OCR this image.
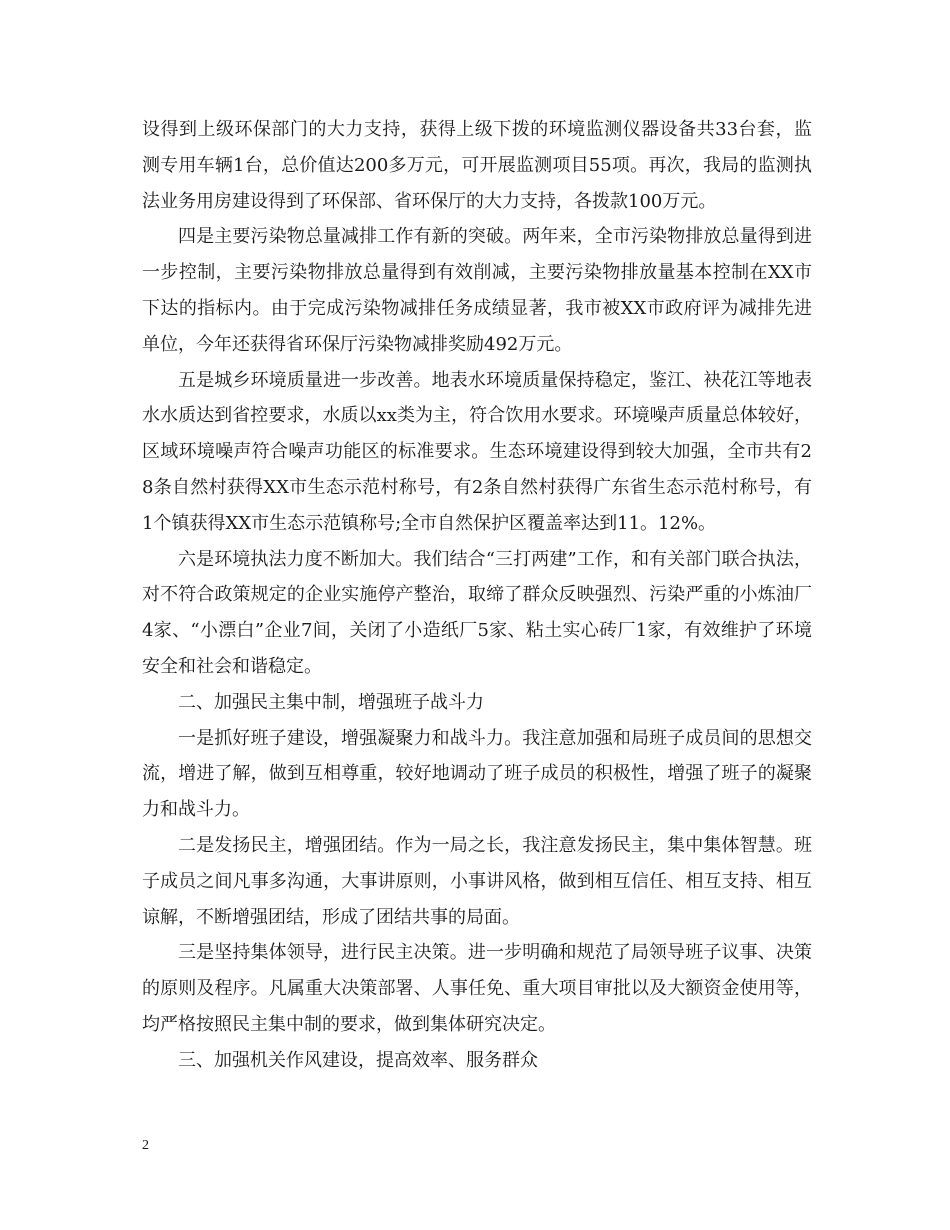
设得到上级环保部门的大力支持，获得上级下拨的环境监测仪器设备共33台套，监测专用车辆1台，总价值达200多万元，可开展监测项目55项。再次，我局的监测执法业务用房建设得到了环保部、省环保厅的大力支持，各拨款100万元。

四是主要污染物总量减排工作有新的突破。两年来，全市污染物排放总量得到进一步控制，主要污染物排放总量得到有效削减，主要污染物排放量基本控制在XX市下达的指标内。由于完成污染物减排任务成绩显著，我市被XX市政府评为减排先进单位，今年还获得省环保厅污染物减排奖励492万元。

五是城乡环境质量进一步改善。地表水环境质量保持稳定，鉴江、袂花江等地表水水质达到省控要求，水质以xx类为主，符合饮用水要求。环境噪声质量总体较好，区域环境噪声符合噪声功能区的标准要求。生态环境建设得到较大加强，全市共有28条自然村获得XX市生态示范村称号，有2条自然村获得广东省生态示范村称号，有1个镇获得XX市生态示范镇称号;全市自然保护区覆盖率达到11。12%。

六是环境执法力度不断加大。我们结合“三打两建”工作，和有关部门联合执法，对不符合政策规定的企业实施停产整治，取缔了群众反映强烈、污染严重的小炼油厂4家、“小漂白”企业7间，关闭了小造纸厂5家、粘土实心砖厂1家，有效维护了环境安全和社会和谐稳定。

二、加强民主集中制，增强班子战斗力

一是抓好班子建设，增强凝聚力和战斗力。我注意加强和局班子成员间的思想交流，增进了解，做到互相尊重，较好地调动了班子成员的积极性，增强了班子的凝聚力和战斗力。

二是发扬民主，增强团结。作为一局之长，我注意发扬民主，集中集体智慧。班子成员之间凡事多沟通，大事讲原则，小事讲风格，做到相互信任、相互支持、相互谅解，不断增强团结，形成了团结共事的局面。

三是坚持集体领导，进行民主决策。进一步明确和规范了局领导班子议事、决策的原则及程序。凡属重大决策部署、人事任免、重大项目审批以及大额资金使用等，均严格按照民主集中制的要求，做到集体研究决定。

三、加强机关作风建设，提高效率、服务群众

2
